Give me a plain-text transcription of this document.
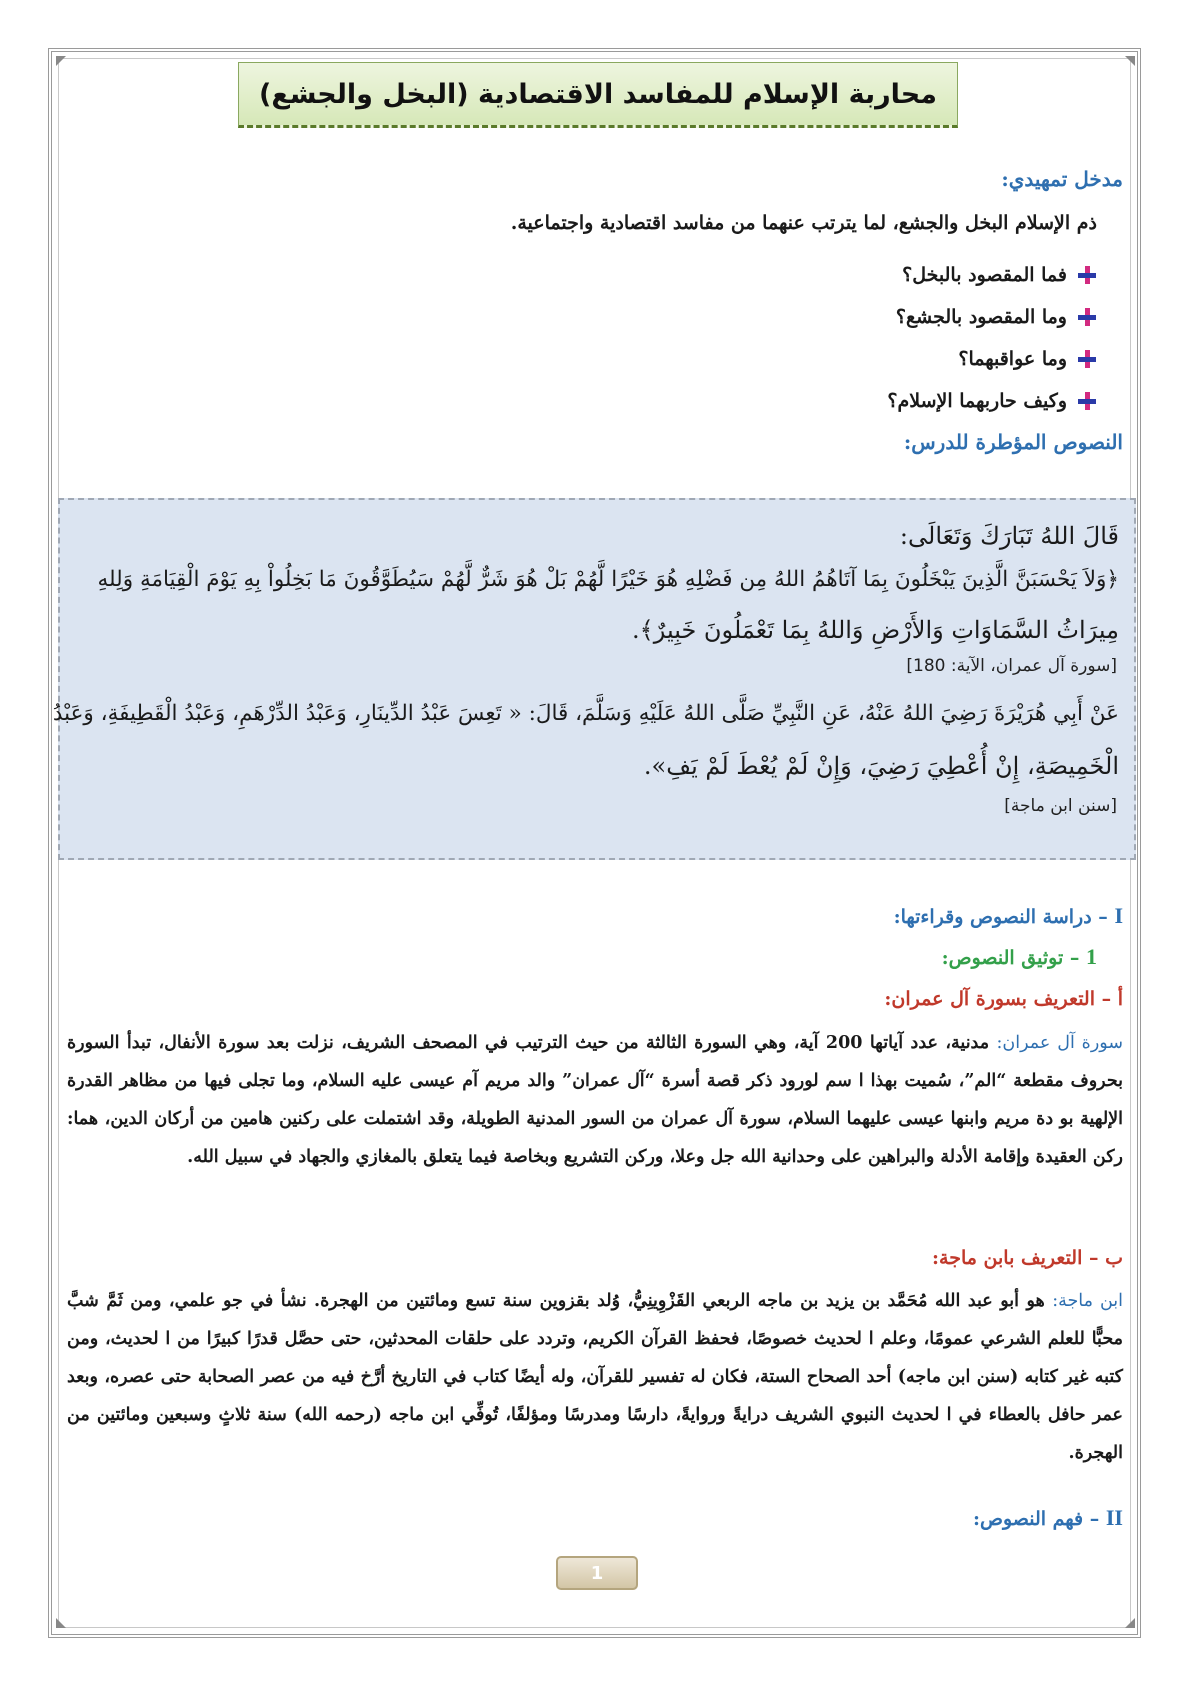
محاربة الإسلام للمفاسد الاقتصادية (البخل والجشع)
مدخل تمهيدي:
ذم الإسلام البخل والجشع، لما يترتب عنهما من مفاسد اقتصادية واجتماعية.
فما المقصود بالبخل؟
وما المقصود بالجشع؟
وما عواقبهما؟
وكيف حاربهما الإسلام؟
النصوص المؤطرة للدرس:
قَالَ اللهُ تَبَارَكَ وَتَعَالَى:
﴿وَلاَ يَحْسَبَنَّ الَّذِينَ يَبْخَلُونَ بِمَا آتَاهُمُ اللهُ مِن فَضْلِهِ هُوَ خَيْرًا لَّهُمْ بَلْ هُوَ شَرٌّ لَّهُمْ سَيُطَوَّقُونَ مَا بَخِلُواْ بِهِ يَوْمَ الْقِيَامَةِ وَلِلهِ
مِيرَاثُ السَّمَاوَاتِ وَالأَرْضِ وَاللهُ بِمَا تَعْمَلُونَ خَبِيرٌ﴾.
[سورة آل عمران، الآية: 180]
عَنْ أَبِي هُرَيْرَةَ رَضِيَ اللهُ عَنْهُ، عَنِ النَّبِيِّ صَلَّى اللهُ عَلَيْهِ وَسَلَّمَ، قَالَ: « تَعِسَ عَبْدُ الدِّينَارِ، وَعَبْدُ الدِّرْهَمِ، وَعَبْدُ الْقَطِيفَةِ، وَعَبْدُ
الْخَمِيصَةِ، إِنْ أُعْطِيَ رَضِيَ، وَإِنْ لَمْ يُعْطَ لَمْ يَفِ».
[سنن ابن ماجة]
I – دراسة النصوص وقراءتها:
1 – توثيق النصوص:
أ – التعريف بسورة آل عمران:
سورة آل عمران: مدنية، عدد آياتها 200 آية، وهي السورة الثالثة من حيث الترتيب في المصحف الشريف، نزلت بعد سورة الأنفال، تبدأ السورة بحروف مقطعة “الم”، سُميت بهذا ا سم لورود ذكر قصة أسرة “آل عمران” والد مريم آم عيسى عليه السلام، وما تجلى فيها من مظاهر القدرة الإلهية بو دة مريم وابنها عيسى عليهما السلام، سورة آل عمران من السور المدنية الطويلة، وقد اشتملت على ركنين هامين من أركان الدين، هما: ركن العقيدة وإقامة الأدلة والبراهين على وحدانية الله جل وعلا، وركن التشريع وبخاصة فيما يتعلق بالمغازي والجهاد في سبيل الله.
ب – التعريف بابن ماجة:
ابن ماجة: هو أبو عبد الله مُحَمَّد بن يزيد بن ماجه الربعي القَزْوِينِيُّ، وُلد بقزوين سنة تسع ومائتين من الهجرة. نشأ في جو علمي، ومن ثَمَّ شبَّ محبًّا للعلم الشرعي عمومًا، وعلم ا لحديث خصوصًا، فحفظ القرآن الكريم، وتردد على حلقات المحدثين، حتى حصَّل قدرًا كبيرًا من ا لحديث، ومن كتبه غير كتابه (سنن ابن ماجه) أحد الصحاح الستة، فكان له تفسير للقرآن، وله أيضًا كتاب في التاريخ أرَّخ فيه من عصر الصحابة حتى عصره، وبعد عمر حافل بالعطاء في ا لحديث النبوي الشريف درايةً وروايةً، دارسًا ومدرسًا ومؤلفًا، تُوفِّي ابن ماجه (رحمه الله) سنة ثلاثٍ وسبعين ومائتين من الهجرة.
II – فهم النصوص:
1
